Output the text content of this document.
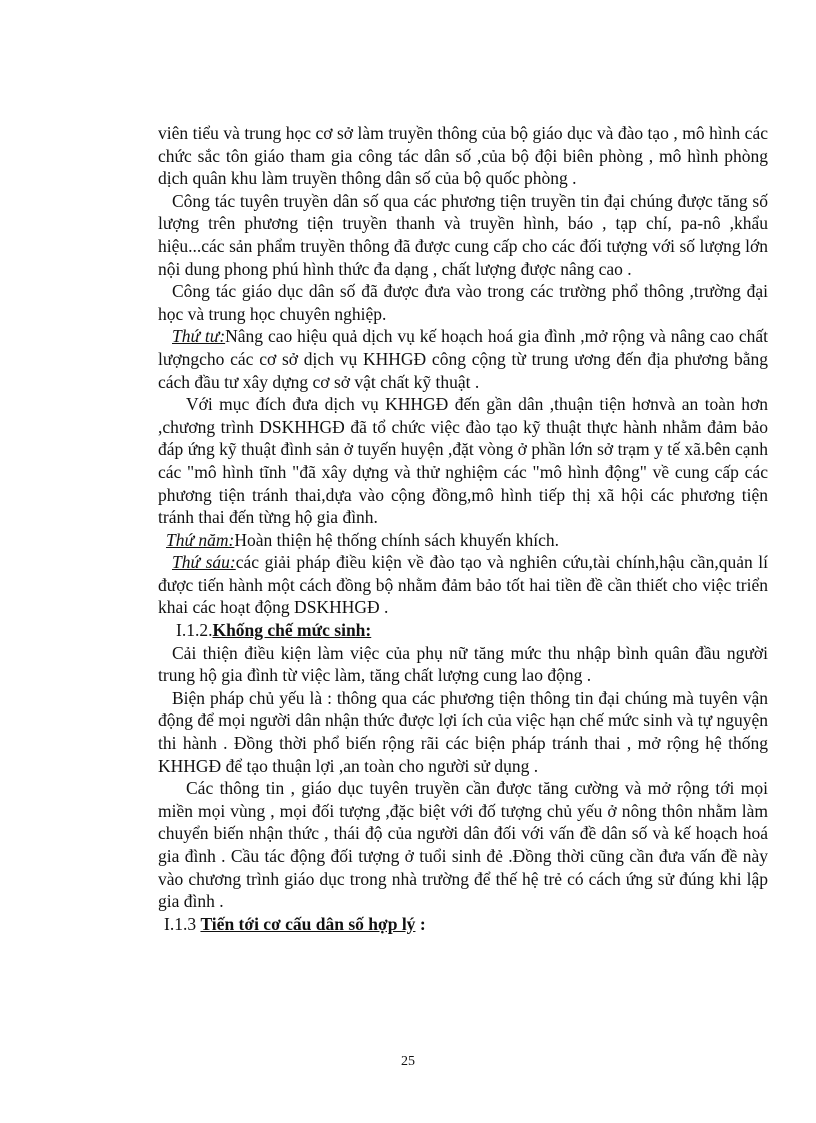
viên tiểu và trung học cơ sở làm truyền thông của bộ giáo dục và đào tạo , mô hình các chức sắc tôn giáo tham gia công tác dân số ,của bộ đội biên phòng , mô hình phòng dịch quân khu làm truyền thông dân số của bộ quốc phòng .

Công tác tuyên truyền dân số qua các phương tiện truyền tin đại chúng được tăng số lượng trên phương tiện truyền thanh và truyền hình, báo , tạp chí, pa-nô ,khẩu hiệu...các sản phẩm truyền thông đã được cung cấp cho các đối tượng với số lượng lớn nội dung phong phú hình thức đa dạng , chất lượng được nâng cao .

Công tác giáo dục dân số đã được đưa vào trong các trường phổ thông ,trường đại học và trung học chuyên nghiệp.

Thứ tư:Nâng cao hiệu quả dịch vụ kế hoạch hoá gia đình ,mở rộng và nâng cao chất lượngcho các cơ sở dịch vụ KHHGĐ công cộng từ trung ương đến địa phương bằng cách đầu tư xây dựng cơ sở vật chất kỹ thuật .

Với mục đích đưa dịch vụ KHHGĐ đến gần dân ,thuận tiện hơnvà an toàn hơn ,chương trình DSKHHGĐ đã tổ chức việc đào tạo kỹ thuật thực hành nhằm đảm bảo đáp ứng kỹ thuật đình sản ở tuyến huyện ,đặt vòng ở phần lớn sở trạm y tế xã.bên cạnh các "mô hình tĩnh "đã xây dựng và thử nghiệm các "mô hình động" về cung cấp các phương tiện tránh thai,dựa vào cộng đồng,mô hình tiếp thị xã hội các phương tiện tránh thai đến từng hộ gia đình.

Thứ năm:Hoàn thiện hệ thống chính sách khuyến khích.

Thứ sáu:các giải pháp điều kiện về đào tạo và nghiên cứu,tài chính,hậu cần,quản lí được tiến hành một cách đồng bộ nhằm đảm bảo tốt hai tiền đề cần thiết cho việc triển khai các hoạt động DSKHHGĐ .

I.1.2.Khống chế mức sinh:

Cải thiện điều kiện làm việc của phụ nữ tăng mức thu nhập bình quân đầu người trung hộ gia đình từ việc làm, tăng chất lượng cung lao động .

Biện pháp chủ yếu là : thông qua các phương tiện thông tin đại chúng mà tuyên vận động để mọi người dân nhận thức được lợi ích của việc hạn chế mức sinh và tự nguyện thi hành . Đồng thời phổ biến rộng rãi các biện pháp tránh thai , mở rộng hệ thống KHHGĐ để tạo thuận lợi ,an toàn cho người sử dụng .

Các thông tin , giáo dục tuyên truyền cần được tăng cường và mở rộng tới mọi miền mọi vùng , mọi đối tượng ,đặc biệt với đố tượng chủ yếu ở nông thôn nhằm làm chuyển biến nhận thức , thái độ của người dân đối với vấn đề dân số và kế hoạch hoá gia đình . Cầu tác động đối tượng ở tuổi sinh đẻ .Đồng thời cũng cần đưa vấn đề này vào chương trình giáo dục trong nhà trường để thế hệ trẻ có cách ứng sử đúng khi lập gia đình .

I.1.3 Tiến tới cơ cấu dân số hợp lý :

25
